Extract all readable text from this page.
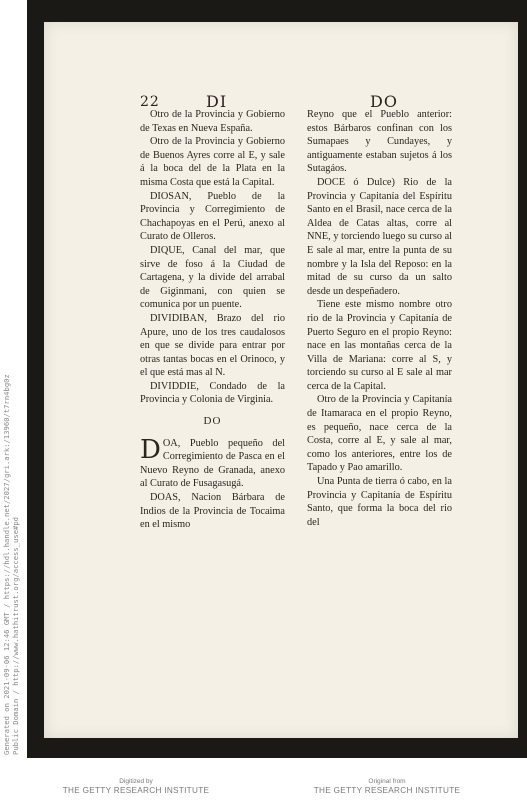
Generated on 2021-09-06 12:46 GMT / https://hdl.handle.net/2027/gri.ark:/13960/t7rn4bg0z Public Domain / http://www.hathitrust.org/access_use#pd
22	DI	DO

Otro de la Provincia y Gobierno de Texas en Nueva España.

Otro de la Provincia y Gobierno de Buenos Ayres corre al E, y sale á la boca del de la Plata en la misma Costa que está la Capital.

DIOSAN, Pueblo de la Provincia y Corregimiento de Chachapoyas en el Perú, anexo al Curato de Olleros.

DIQUE, Canal del mar, que sirve de foso á la Ciudad de Cartagena, y la divide del arrabal de Giginmani, con quien se comunica por un puente.

DIVIDIBAN, Brazo del rio Apure, uno de los tres caudalosos en que se divide para entrar por otras tantas bocas en el Orinoco, y el que está mas al N.

DIVIDDIE, Condado de la Provincia y Colonia de Virginia.

DO

DOA, Pueblo pequeño del Corregimiento de Pasca en el Nuevo Reyno de Granada, anexo al Curato de Fusagasugá.

DOAS, Nacion Bárbara de Indios de la Provincia de Tocaima en el mismo

Reyno que el Pueblo anterior: estos Bárbaros confinan con los Sumapaes y Cundayes, y antiguamente estaban sujetos á los Sutagáos.

DOCE ó Dulce) Rio de la Provincia y Capitanía del Espíritu Santo en el Brasil, nace cerca de la Aldea de Catas altas, corre al NNE, y torciendo luego su curso al E sale al mar, entre la punta de su nombre y la Isla del Reposo: en la mitad de su curso da un salto desde un despeñadero.

Tiene este mismo nombre otro rio de la Provincia y Capitanía de Puerto Seguro en el propio Reyno: nace en las montañas cerca de la Villa de Mariana: corre al S, y torciendo su curso al E sale al mar cerca de la Capital.

Otro de la Provincia y Capitanía de Itamaraca en el propio Reyno, es pequeño, nace cerca de la Costa, corre al E, y sale al mar, como los anteriores, entre los de Tapado y Pao amarillo.

Una Punta de tierra ó cabo, en la Provincia y Capitanía de Espíritu Santo, que forma la boca del rio del

Digitized by
THE GETTY RESEARCH INSTITUTE
Original from
THE GETTY RESEARCH INSTITUTE
